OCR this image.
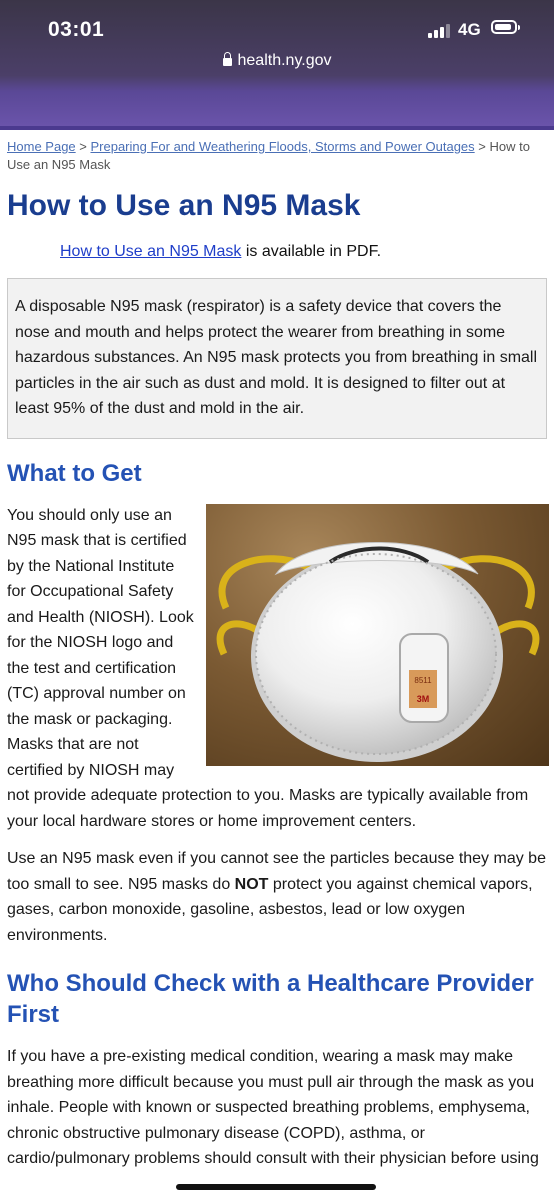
03:01	4G
health.ny.gov
Home Page > Preparing For and Weathering Floods, Storms and Power Outages > How to Use an N95 Mask
How to Use an N95 Mask
How to Use an N95 Mask is available in PDF.
A disposable N95 mask (respirator) is a safety device that covers the nose and mouth and helps protect the wearer from breathing in some hazardous substances. An N95 mask protects you from breathing in small particles in the air such as dust and mold. It is designed to filter out at least 95% of the dust and mold in the air.
What to Get
8511
3M

You should only use an N95 mask that is certified by the National Institute for Occupational Safety and Health (NIOSH). Look for the NIOSH logo and the test and certification (TC) approval number on the mask or packaging. Masks that are not certified by NIOSH may not provide adequate protection to you. Masks are typically available from your local hardware stores or home improvement centers.

Use an N95 mask even if you cannot see the particles because they may be too small to see. N95 masks do NOT protect you against chemical vapors, gases, carbon monoxide, gasoline, asbestos, lead or low oxygen environments.

Who Should Check with a Healthcare Provider First

If you have a pre-existing medical condition, wearing a mask may make breathing more difficult because you must pull air through the mask as you inhale. People with known or suspected breathing problems, emphysema, chronic obstructive pulmonary disease (COPD), asthma, or cardio/pulmonary problems should consult with their physician before using
